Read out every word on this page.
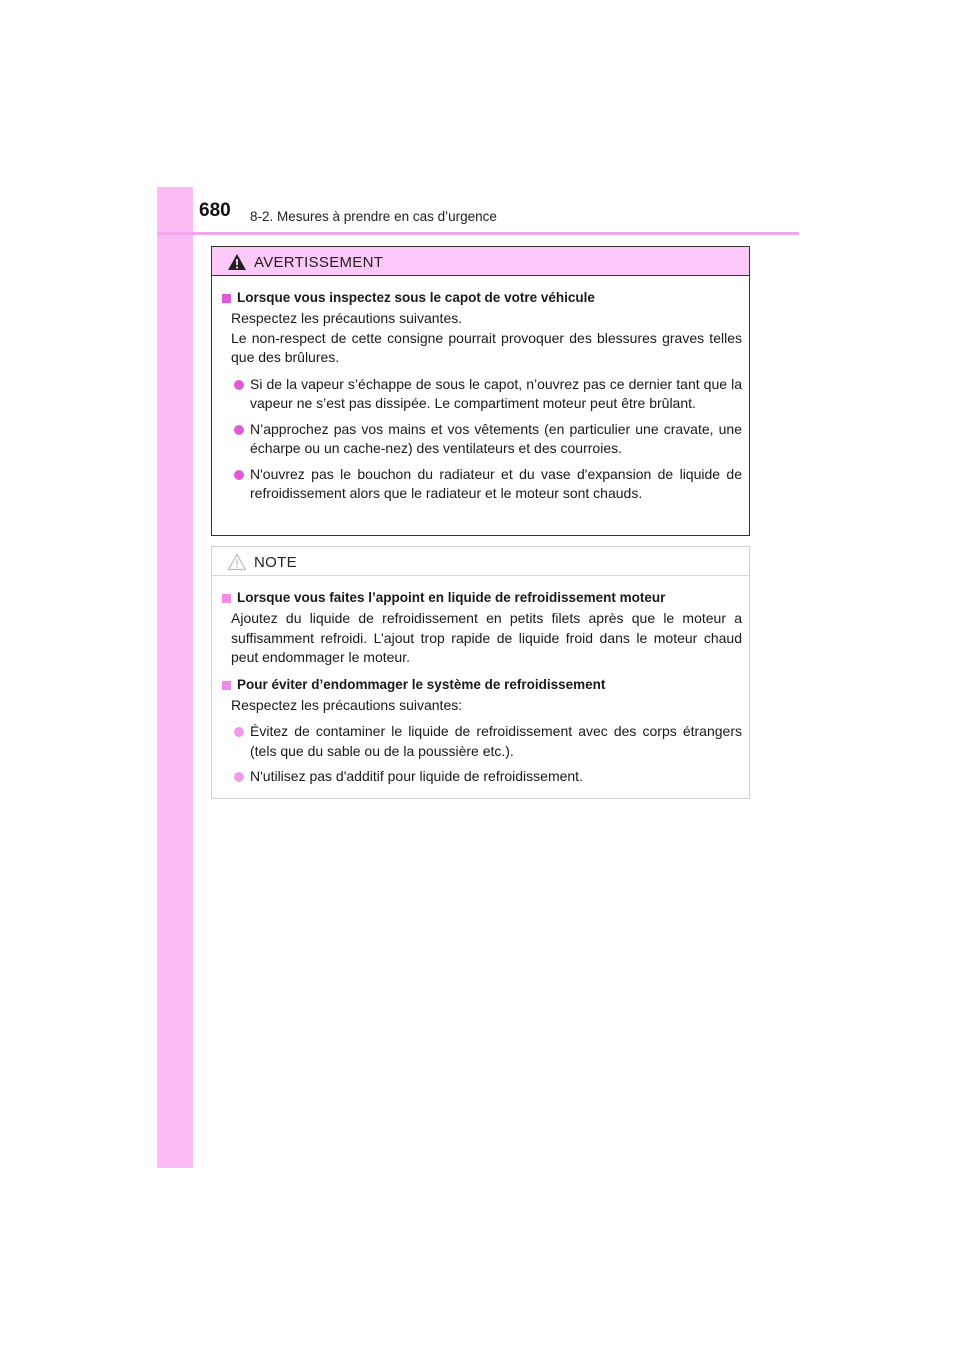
680 8-2. Mesures à prendre en cas d’urgence
AVERTISSEMENT
Lorsque vous inspectez sous le capot de votre véhicule
Respectez les précautions suivantes.
Le non-respect de cette consigne pourrait provoquer des blessures graves telles que des brûlures.
Si de la vapeur s’échappe de sous le capot, n’ouvrez pas ce dernier tant que la vapeur ne s’est pas dissipée. Le compartiment moteur peut être brûlant.
N’approchez pas vos mains et vos vêtements (en particulier une cravate, une écharpe ou un cache-nez) des ventilateurs et des courroies.
N'ouvrez pas le bouchon du radiateur et du vase d'expansion de liquide de refroidissement alors que le radiateur et le moteur sont chauds.
NOTE
Lorsque vous faites l’appoint en liquide de refroidissement moteur
Ajoutez du liquide de refroidissement en petits filets après que le moteur a suffisamment refroidi. L’ajout trop rapide de liquide froid dans le moteur chaud peut endommager le moteur.
Pour éviter d’endommager le système de refroidissement
Respectez les précautions suivantes:
Évitez de contaminer le liquide de refroidissement avec des corps étrangers (tels que du sable ou de la poussière etc.).
N'utilisez pas d'additif pour liquide de refroidissement.
